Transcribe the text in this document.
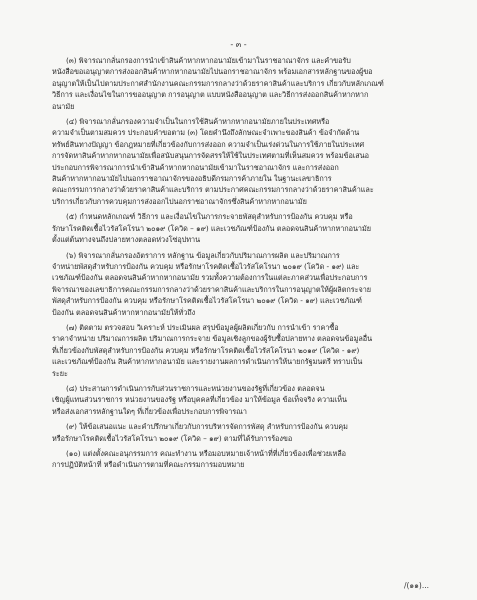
- ๓ -
(๓) พิจารณากลั่นกรองการนำเข้าสินค้าหากหากอนามัยเข้ามาในราชอาณาจักร และคำขอรับ
หนังสือขอเอนุญาตการส่งออกสินค้าหากหากอนามัยไปนอกราชอาณาจักร พร้อมเอกสารหลักฐานของผู้ขอ
อนุญาตให้เป็นไปตามประกาศสำนักงานคณะกรรมการกลางว่าด้วยราคาสินค้าและบริการ เกี่ยวกับหลักเกณฑ์
วิธีการ และเงื่อนไขในการขออนุญาต การอนุญาต แบบหนังสืออนุญาต และวิธีการส่งออกสินค้าหากหาก
อนามัย
(๔) พิจารณากลั่นกรองความจำเป็นในการใช้สินค้าหากหากอนามัยภายในประเทศหรือ
ความจำเป็นตามสมควร ประกอบคำขอตาม (๓) โดยคำนึงถึงลักษณะจำเพาะของสินค้า ข้อจำกัดด้าน
ทรัพย์สินทางปัญญา ข้อกฎหมายที่เกี่ยวข้องกับการส่งออก ความจำเป็นเร่งด่วนในการใช้ภายในประเทศ
การจัดหาสินค้าหากหากอนามัยเพื่อสนับสนุนการจัดสรรให้ใช้ในประเทศตามที่เห็นสมควร พร้อมข้อเสนอ
ประกอบการพิจารณาการนำเข้าสินค้าหากหากอนามัยเข้ามาในราชอาณาจักร และการส่งออก
สินค้าหากหากอนามัยไปนอกราชอาณาจักรของอธิบดีกรมการค้าภายใน ในฐานะเลขาธิการ
คณะกรรมการกลางว่าด้วยราคาสินค้าและบริการ ตามประกาศคณะกรรมการกลางว่าด้วยราคาสินค้าและ
บริการเกี่ยวกับการควบคุมการส่งออกไปนอกราชอาณาจักรซึ่งสินค้าหากหากอนามัย
(๕) กำหนดหลักเกณฑ์ วิธีการ และเงื่อนไขในการกระจายพัสดุสำหรับการป้องกัน ควบคุม หรือ
รักษาโรคติดเชื้อไวรัสโคโรนา ๒๐๑๙ (โควิด – ๑๙) และเวชภัณฑ์ป้องกัน ตลอดจนสินค้าหากหากอนามัย
ตั้งแต่ต้นทางจนถึงปลายทางตลอดห่วงโซ่อุปทาน
(๖) พิจารณากลั่นกรองอัตราการ หลักฐาน ข้อมูลเกี่ยวกับปริมาณการผลิต และปริมาณการ
จำหน่ายพัสดุสำหรับการป้องกัน ควบคุม หรือรักษาโรคติดเชื้อไวรัสโคโรนา ๒๐๑๙ (โควิด - ๑๙) และ
เวชภัณฑ์ป้องกัน ตลอดจนสินค้าหากหากอนามัย รวมทั้งความต้องการในแต่ละภาคส่วนเพื่อประกอบการ
พิจารณาของเลขาธิการคณะกรรมการกลางว่าด้วยราคาสินค้าและบริการในการอนุญาตให้ผู้ผลิตกระจาย
พัสดุสำหรับการป้องกัน ควบคุม หรือรักษาโรคติดเชื้อไวรัสโคโรนา ๒๐๑๙ (โควิด - ๑๙) และเวชภัณฑ์
ป้องกัน ตลอดจนสินค้าหากหากอนามัยให้ทั่วถึง
(๗) ติดตาม ตรวจสอบ วิเคราะห์ ประเมินผล สรุปข้อมูลผู้ผลิตเกี่ยวกับ การนำเข้า ราคาซื้อ
ราคาจำหน่าย ปริมาณการผลิต ปริมาณการกระจาย ข้อมูลเชิงลูกของผู้รับซื้อปลายทาง ตลอดจนข้อมูลอื่น
ที่เกี่ยวข้องกับพัสดุสำหรับการป้องกัน ควบคุม หรือรักษาโรคติดเชื้อไวรัสโคโรนา ๒๐๑๙ (โควิด - ๑๙)
และเวชภัณฑ์ป้องกัน สินค้าหากหากอนามัย และรายงานผลการดำเนินการให้นายกรัฐมนตรี ทราบเป็น
ระยะ
(๘) ประสานการดำเนินการกับส่วนราชการและหน่วยงานของรัฐที่เกี่ยวข้อง ตลอดจน
เชิญผู้แทนส่วนราชการ หน่วยงานของรัฐ หรือบุคคลที่เกี่ยวข้อง มาให้ข้อมูล ข้อเท็จจริง ความเห็น
หรือส่งเอกสารหลักฐานใดๆ ที่เกี่ยวข้องเพื่อประกอบการพิจารณา
(๙) ให้ข้อเสนอแนะ และคำปรึกษาเกี่ยวกับการบริหารจัดการพัสดุ สำหรับการป้องกัน ควบคุม
หรือรักษาโรคติดเชื้อไวรัสโคโรนา ๒๐๑๙ (โควิด – ๑๙) ตามที่ได้รับการร้องขอ
(๑๐) แต่งตั้งคณะอนุกรรมการ คณะทำงาน หรือมอบหมายเจ้าหน้าที่ที่เกี่ยวข้องเพื่อช่วยเหลือ
การปฏิบัติหน้าที่ หรือดำเนินการตามที่คณะกรรมการมอบหมาย
/(๑๑)...
